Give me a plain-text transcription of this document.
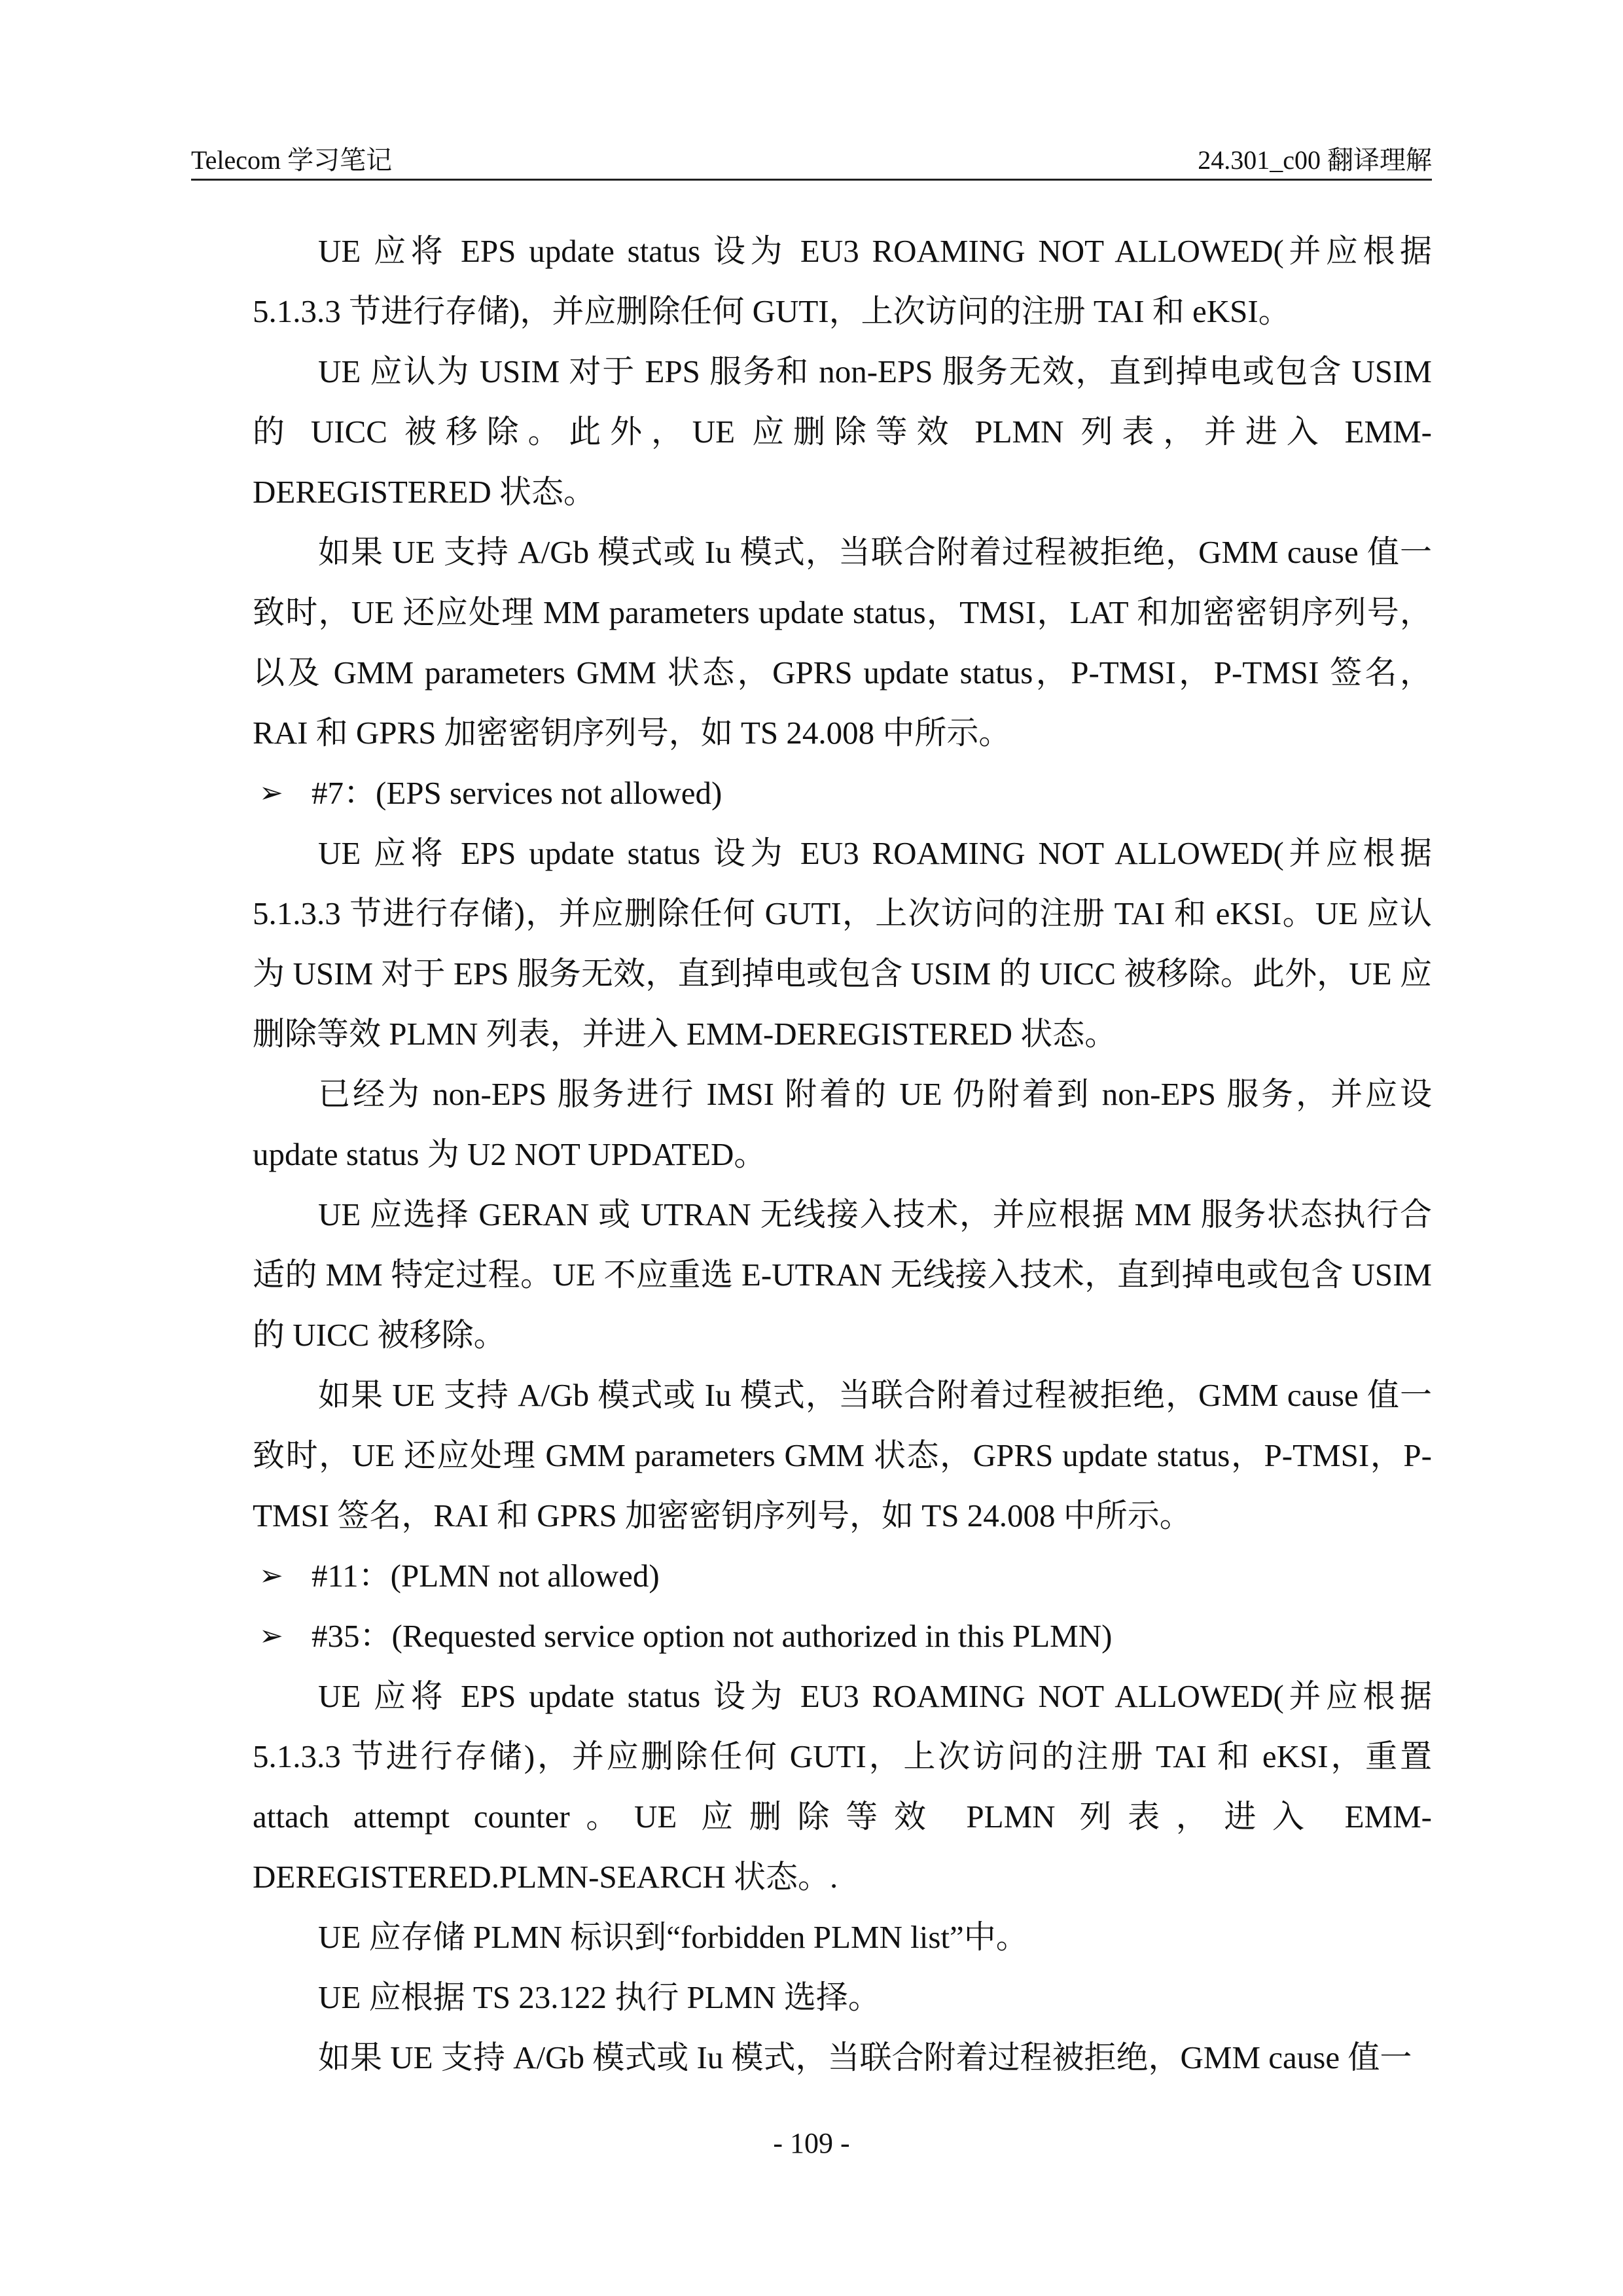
Telecom 学习笔记	24.301_c00 翻译理解

UE 应将 EPS update status 设为 EU3 ROAMING NOT ALLOWED(并应根据 5.1.3.3 节进行存储)，并应删除任何 GUTI，上次访问的注册 TAI 和 eKSI。

UE 应认为 USIM 对于 EPS 服务和 non-EPS 服务无效，直到掉电或包含 USIM 的 UICC 被移除。此外，UE 应删除等效 PLMN 列表，并进入 EMM-DEREGISTERED 状态。

如果 UE 支持 A/Gb 模式或 Iu 模式，当联合附着过程被拒绝，GMM cause 值一致时，UE 还应处理 MM parameters update status，TMSI，LAT 和加密密钥序列号，以及 GMM parameters GMM 状态，GPRS update status，P-TMSI，P-TMSI 签名，RAI 和 GPRS 加密密钥序列号，如 TS 24.008 中所示。

➢ #7：(EPS services not allowed)

UE 应将 EPS update status 设为 EU3 ROAMING NOT ALLOWED(并应根据 5.1.3.3 节进行存储)，并应删除任何 GUTI，上次访问的注册 TAI 和 eKSI。UE 应认为 USIM 对于 EPS 服务无效，直到掉电或包含 USIM 的 UICC 被移除。此外，UE 应删除等效 PLMN 列表，并进入 EMM-DEREGISTERED 状态。

已经为 non-EPS 服务进行 IMSI 附着的 UE 仍附着到 non-EPS 服务，并应设 update status 为 U2 NOT UPDATED。

UE 应选择 GERAN 或 UTRAN 无线接入技术，并应根据 MM 服务状态执行合适的 MM 特定过程。UE 不应重选 E-UTRAN 无线接入技术，直到掉电或包含 USIM 的 UICC 被移除。

如果 UE 支持 A/Gb 模式或 Iu 模式，当联合附着过程被拒绝，GMM cause 值一致时，UE 还应处理 GMM parameters GMM 状态，GPRS update status，P-TMSI，P-TMSI 签名，RAI 和 GPRS 加密密钥序列号，如 TS 24.008 中所示。

➢ #11：(PLMN not allowed)
➢ #35：(Requested service option not authorized in this PLMN)

UE 应将 EPS update status 设为 EU3 ROAMING NOT ALLOWED(并应根据 5.1.3.3 节进行存储)，并应删除任何 GUTI，上次访问的注册 TAI 和 eKSI，重置 attach attempt counter。UE 应删除等效 PLMN 列表，进入 EMM-DEREGISTERED.PLMN-SEARCH 状态。.

UE 应存储 PLMN 标识到“forbidden PLMN list”中。

UE 应根据 TS 23.122 执行 PLMN 选择。

如果 UE 支持 A/Gb 模式或 Iu 模式，当联合附着过程被拒绝，GMM cause 值一

- 109 -
